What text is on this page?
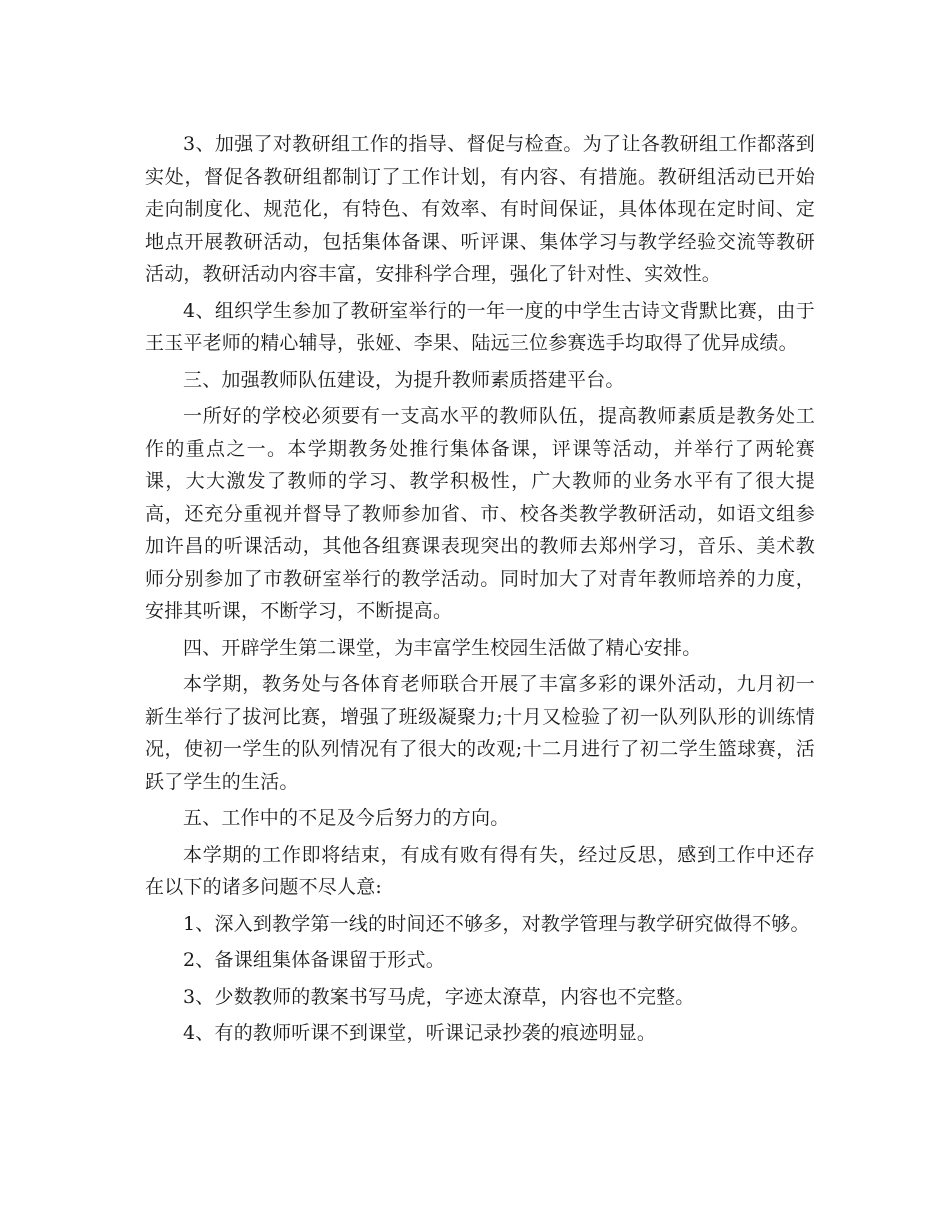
3、加强了对教研组工作的指导、督促与检查。为了让各教研组工作都落到实处，督促各教研组都制订了工作计划，有内容、有措施。教研组活动已开始走向制度化、规范化，有特色、有效率、有时间保证，具体体现在定时间、定地点开展教研活动，包括集体备课、听评课、集体学习与教学经验交流等教研活动，教研活动内容丰富，安排科学合理，强化了针对性、实效性。

4、组织学生参加了教研室举行的一年一度的中学生古诗文背默比赛，由于王玉平老师的精心辅导，张娅、李果、陆远三位参赛选手均取得了优异成绩。

三、加强教师队伍建设，为提升教师素质搭建平台。

一所好的学校必须要有一支高水平的教师队伍，提高教师素质是教务处工作的重点之一。本学期教务处推行集体备课，评课等活动，并举行了两轮赛课，大大激发了教师的学习、教学积极性，广大教师的业务水平有了很大提高，还充分重视并督导了教师参加省、市、校各类教学教研活动，如语文组参加许昌的听课活动，其他各组赛课表现突出的教师去郑州学习，音乐、美术教师分别参加了市教研室举行的教学活动。同时加大了对青年教师培养的力度，安排其听课，不断学习，不断提高。

四、开辟学生第二课堂，为丰富学生校园生活做了精心安排。

本学期，教务处与各体育老师联合开展了丰富多彩的课外活动，九月初一新生举行了拔河比赛，增强了班级凝聚力;十月又检验了初一队列队形的训练情况，使初一学生的队列情况有了很大的改观;十二月进行了初二学生篮球赛，活跃了学生的生活。

五、工作中的不足及今后努力的方向。

本学期的工作即将结束，有成有败有得有失，经过反思，感到工作中还存在以下的诸多问题不尽人意:

1、深入到教学第一线的时间还不够多，对教学管理与教学研究做得不够。

2、备课组集体备课留于形式。

3、少数教师的教案书写马虎，字迹太潦草，内容也不完整。

4、有的教师听课不到课堂，听课记录抄袭的痕迹明显。
